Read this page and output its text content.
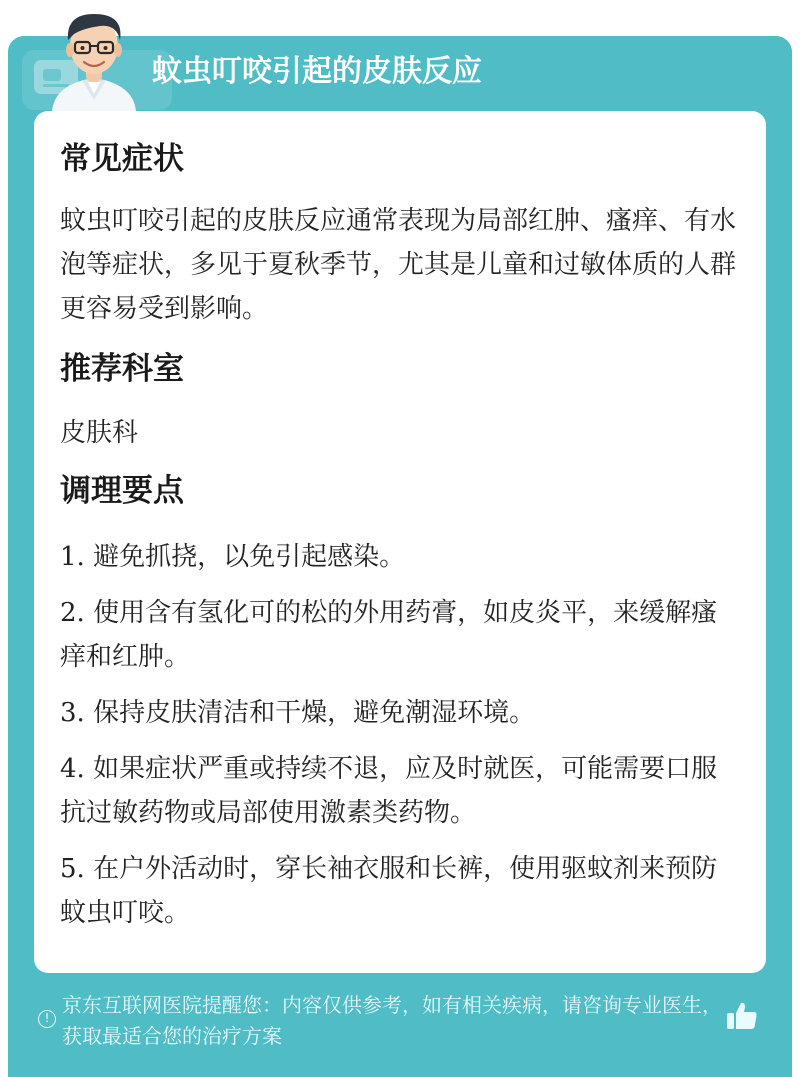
蚊虫叮咬引起的皮肤反应
常见症状
蚊虫叮咬引起的皮肤反应通常表现为局部红肿、瘙痒、有水泡等症状，多见于夏秋季节，尤其是儿童和过敏体质的人群更容易受到影响。
推荐科室
皮肤科
调理要点
1. 避免抓挠，以免引起感染。
2. 使用含有氢化可的松的外用药膏，如皮炎平，来缓解瘙痒和红肿。
3. 保持皮肤清洁和干燥，避免潮湿环境。
4. 如果症状严重或持续不退，应及时就医，可能需要口服抗过敏药物或局部使用激素类药物。
5. 在户外活动时，穿长袖衣服和长裤，使用驱蚊剂来预防蚊虫叮咬。
!
京东互联网医院提醒您：内容仅供参考，如有相关疾病，请咨询专业医生，获取最适合您的治疗方案
